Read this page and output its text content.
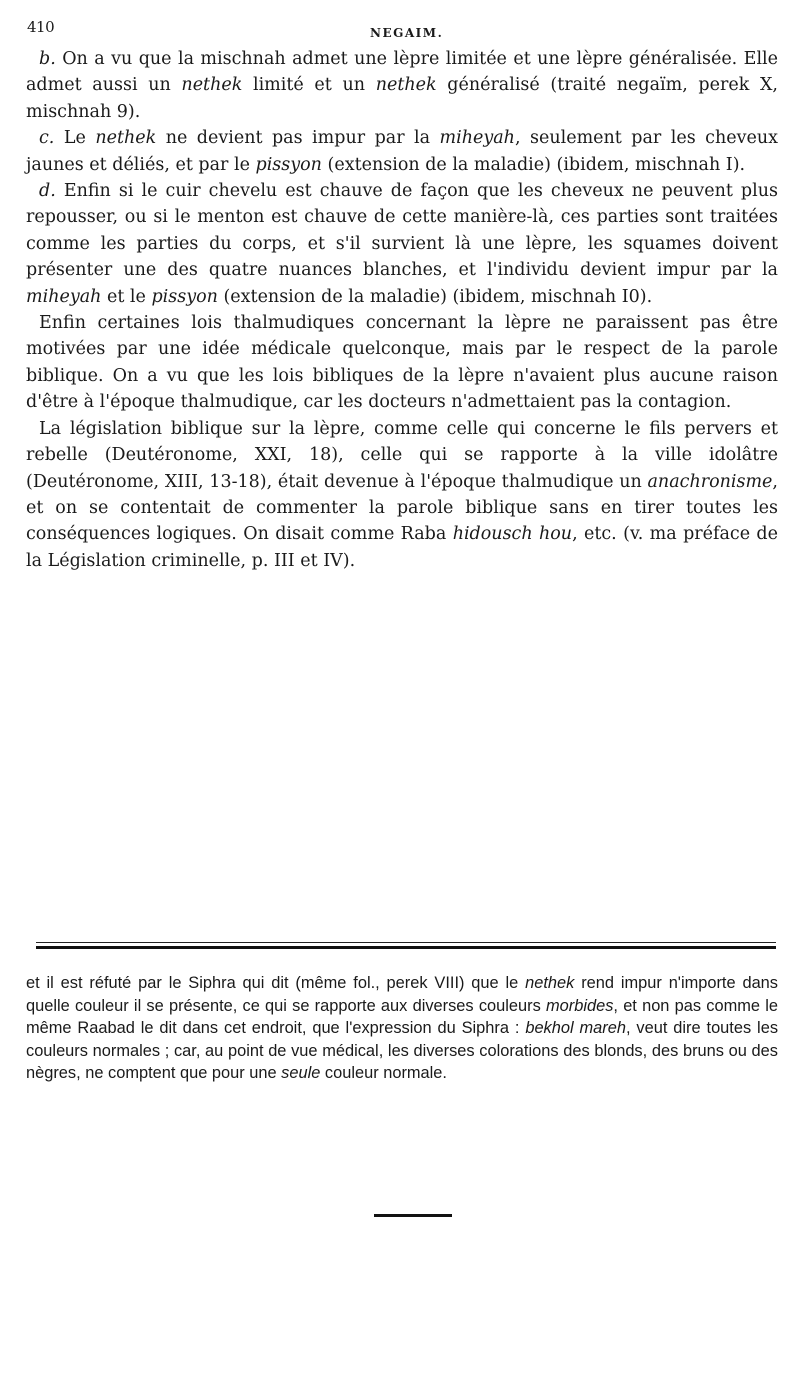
410	NEGAIM.

b. On a vu que la mischnah admet une lèpre limitée et une lèpre généralisée. Elle admet aussi un nethek limité et un nethek généralisé (traité negaïm, perek X, mischnah 9).

c. Le nethek ne devient pas impur par la miheyah, seulement par les cheveux jaunes et déliés, et par le pissyon (extension de la maladie) (ibidem, mischnah I).

d. Enfin si le cuir chevelu est chauve de façon que les cheveux ne peuvent plus repousser, ou si le menton est chauve de cette manière-là, ces parties sont traitées comme les parties du corps, et s'il survient là une lèpre, les squames doivent présenter une des quatre nuances blanches, et l'individu devient impur par la miheyah et le pissyon (extension de la maladie) (ibidem, mischnah I0).

Enfin certaines lois thalmudiques concernant la lèpre ne paraissent pas être motivées par une idée médicale quelconque, mais par le respect de la parole biblique. On a vu que les lois bibliques de la lèpre n'avaient plus aucune raison d'être à l'époque thalmudique, car les docteurs n'admettaient pas la contagion.

La législation biblique sur la lèpre, comme celle qui concerne le fils pervers et rebelle (Deutéronome, XXI, 18), celle qui se rapporte à la ville idolâtre (Deutéronome, XIII, 13-18), était devenue à l'époque thalmudique un anachronisme, et on se contentait de commenter la parole biblique sans en tirer toutes les conséquences logiques. On disait comme Raba hidousch hou, etc. (v. ma préface de la Législation criminelle, p. III et IV).

et il est réfuté par le Siphra qui dit (même fol., perek VIII) que le nethek rend impur n'importe dans quelle couleur il se présente, ce qui se rapporte aux diverses couleurs morbides, et non pas comme le même Raabad le dit dans cet endroit, que l'expression du Siphra : bekhol mareh, veut dire toutes les couleurs normales ; car, au point de vue médical, les diverses colorations des blonds, des bruns ou des nègres, ne comptent que pour une seule couleur normale.
